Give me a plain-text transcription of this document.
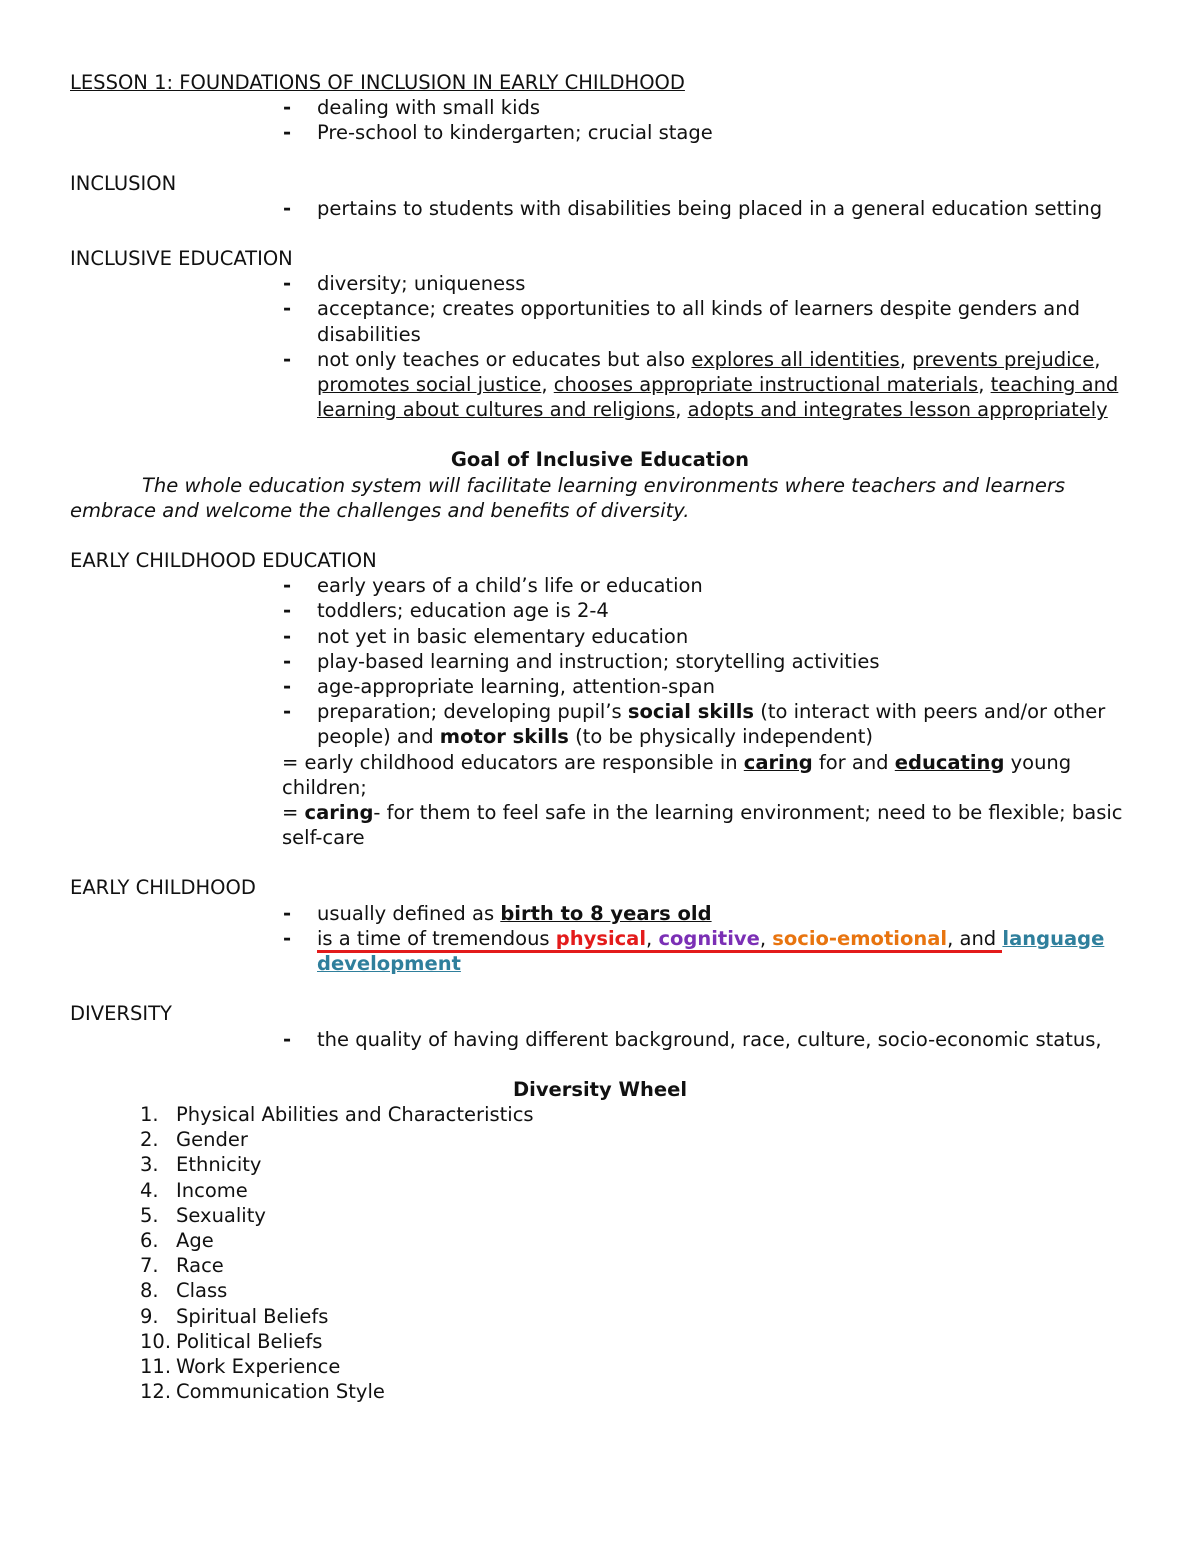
LESSON 1: FOUNDATIONS OF INCLUSION IN EARLY CHILDHOOD

- dealing with small kids
- Pre-school to kindergarten; crucial stage

INCLUSION

- pertains to students with disabilities being placed in a general education setting

INCLUSIVE EDUCATION

- diversity; uniqueness
- acceptance; creates opportunities to all kinds of learners despite genders and disabilities
- not only teaches or educates but also explores all identities, prevents prejudice, promotes social justice, chooses appropriate instructional materials, teaching and learning about cultures and religions, adopts and integrates lesson appropriately

Goal of Inclusive Education

The whole education system will facilitate learning environments where teachers and learners embrace and welcome the challenges and benefits of diversity.

EARLY CHILDHOOD EDUCATION

- early years of a child’s life or education
- toddlers; education age is 2-4
- not yet in basic elementary education
- play-based learning and instruction; storytelling activities
- age-appropriate learning, attention-span
- preparation; developing pupil’s social skills (to interact with peers and/or other people) and motor skills (to be physically independent)

= early childhood educators are responsible in caring for and educating young children;

= caring- for them to feel safe in the learning environment; need to be flexible; basic self-care

EARLY CHILDHOOD

- usually defined as birth to 8 years old
- is a time of tremendous physical, cognitive, socio-emotional, and language development

DIVERSITY

- the quality of having different background, race, culture, socio-economic status,

Diversity Wheel

1. Physical Abilities and Characteristics
2. Gender
3. Ethnicity
4. Income
5. Sexuality
6. Age
7. Race
8. Class
9. Spiritual Beliefs
10. Political Beliefs
11. Work Experience
12. Communication Style
